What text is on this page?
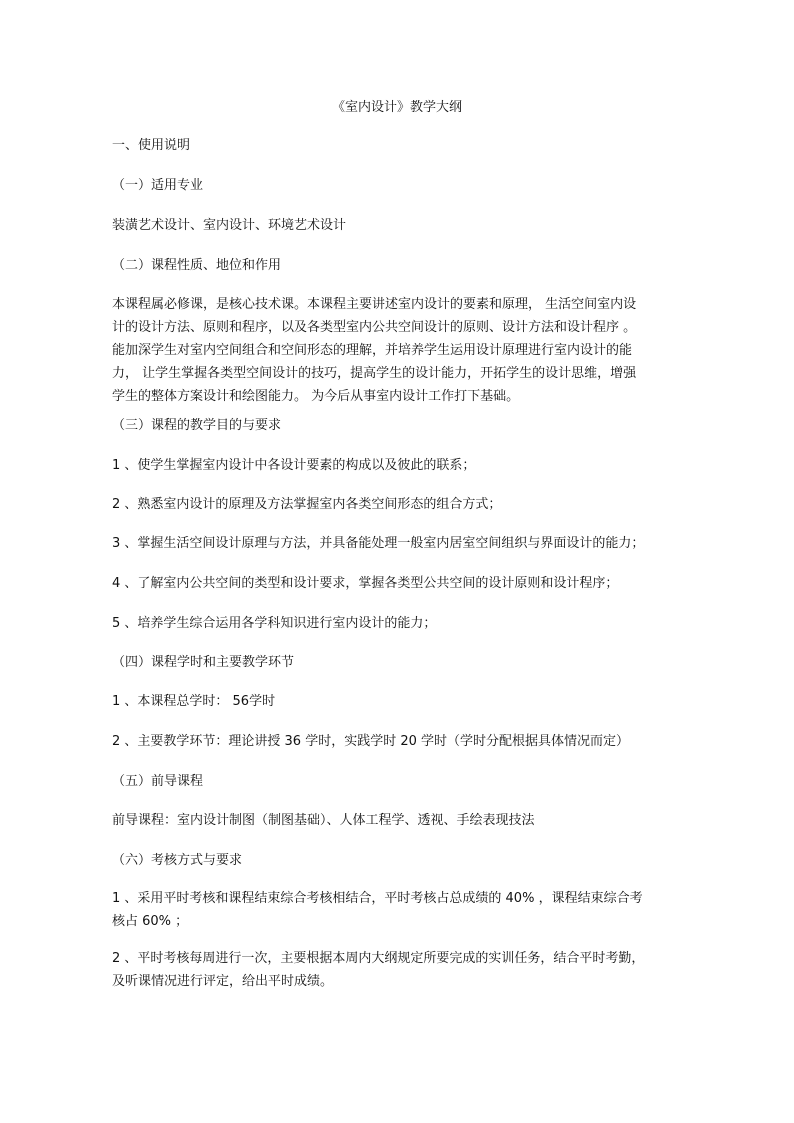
《室内设计》教学大纲

一、使用说明

（一）适用专业

装潢艺术设计、室内设计、环境艺术设计

（二）课程性质、地位和作用

本课程属必修课，是核心技术课。本课程主要讲述室内设计的要素和原理， 生活空间室内设
计的设计方法、原则和程序，以及各类型室内公共空间设计的原则、设计方法和设计程序 。
能加深学生对室内空间组合和空间形态的理解，并培养学生运用设计原理进行室内设计的能
力， 让学生掌握各类型空间设计的技巧，提高学生的设计能力，开拓学生的设计思维，增强
学生的整体方案设计和绘图能力。 为今后从事室内设计工作打下基础。

（三）课程的教学目的与要求

1 、使学生掌握室内设计中各设计要素的构成以及彼此的联系；

2 、熟悉室内设计的原理及方法掌握室内各类空间形态的组合方式；

3 、掌握生活空间设计原理与方法，并具备能处理一般室内居室空间组织与界面设计的能力；

4 、了解室内公共空间的类型和设计要求，掌握各类型公共空间的设计原则和设计程序；

5 、培养学生综合运用各学科知识进行室内设计的能力；

（四）课程学时和主要教学环节

1 、本课程总学时： 56学时

2 、主要教学环节：理论讲授 36 学时，实践学时 20 学时（学时分配根据具体情况而定）

（五）前导课程

前导课程：室内设计制图（制图基础）、人体工程学、透视、手绘表现技法

（六）考核方式与要求

1 、采用平时考核和课程结束综合考核相结合，平时考核占总成绩的 40% ，课程结束综合考
核占 60% ；
2 、平时考核每周进行一次，主要根据本周内大纲规定所要完成的实训任务，结合平时考勤，
及听课情况进行评定，给出平时成绩。
